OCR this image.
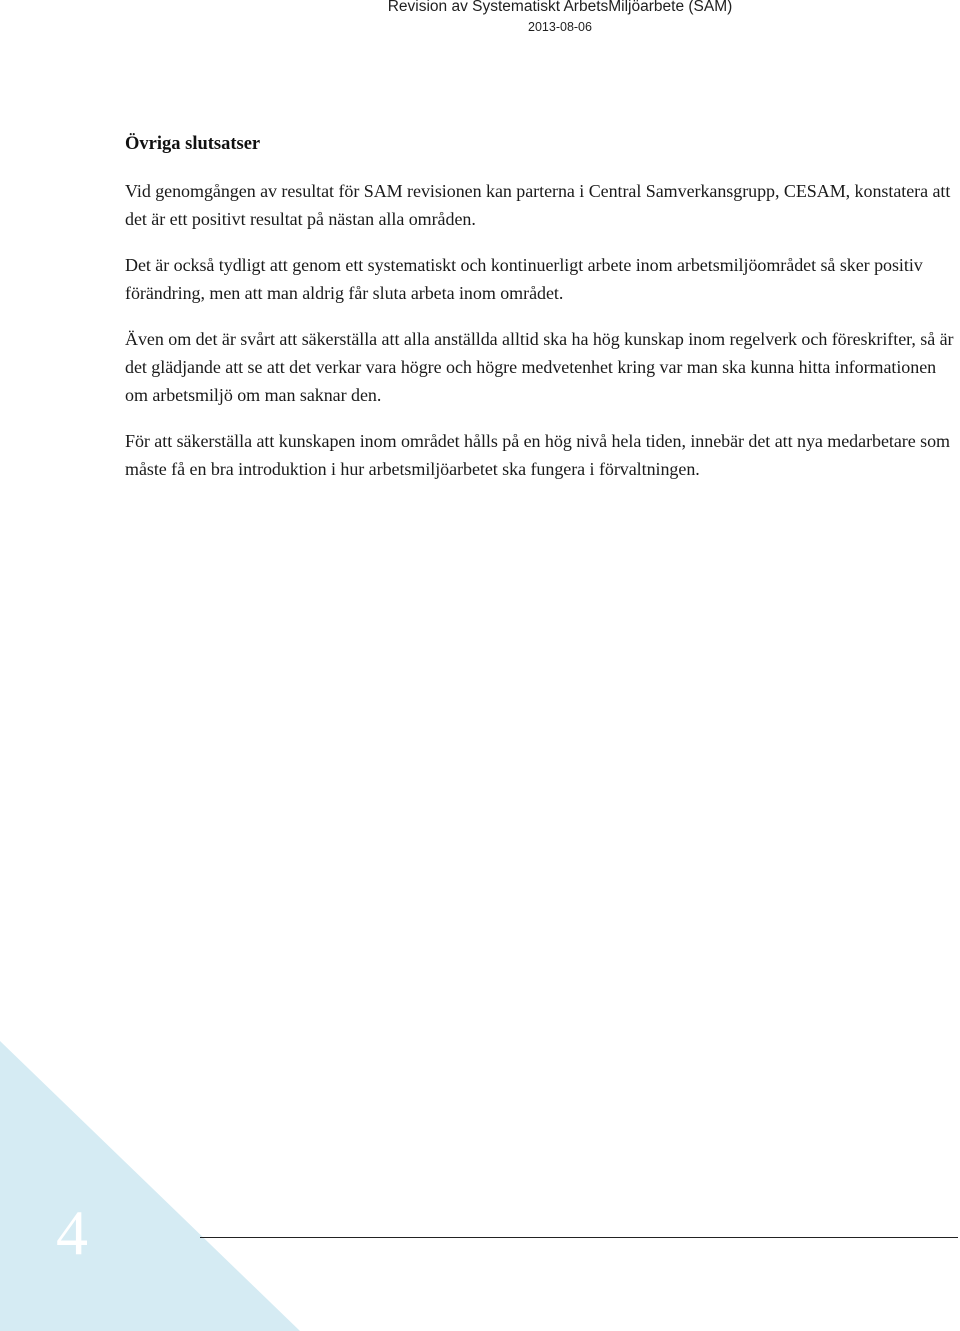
Revision av Systematiskt ArbetsMiljöarbete (SAM)
2013-08-06
Övriga slutsatser

Vid genomgången av resultat för SAM revisionen kan parterna i Central Samverkansgrupp, CESAM, konstatera att det är ett positivt resultat på nästan alla områden.

Det är också tydligt att genom ett systematiskt och kontinuerligt arbete inom arbetsmiljöområdet så sker positiv förändring, men att man aldrig får sluta arbeta inom området.

Även om det är svårt att säkerställa att alla anställda alltid ska ha hög kunskap inom regelverk och föreskrifter, så är det glädjande att se att det verkar vara högre och högre medvetenhet kring var man ska kunna hitta informationen om arbetsmiljö om man saknar den.

För att säkerställa att kunskapen inom området hålls på en hög nivå hela tiden, innebär det att nya medarbetare som måste få en bra introduktion i hur arbetsmiljöarbetet ska fungera i förvaltningen.

4
